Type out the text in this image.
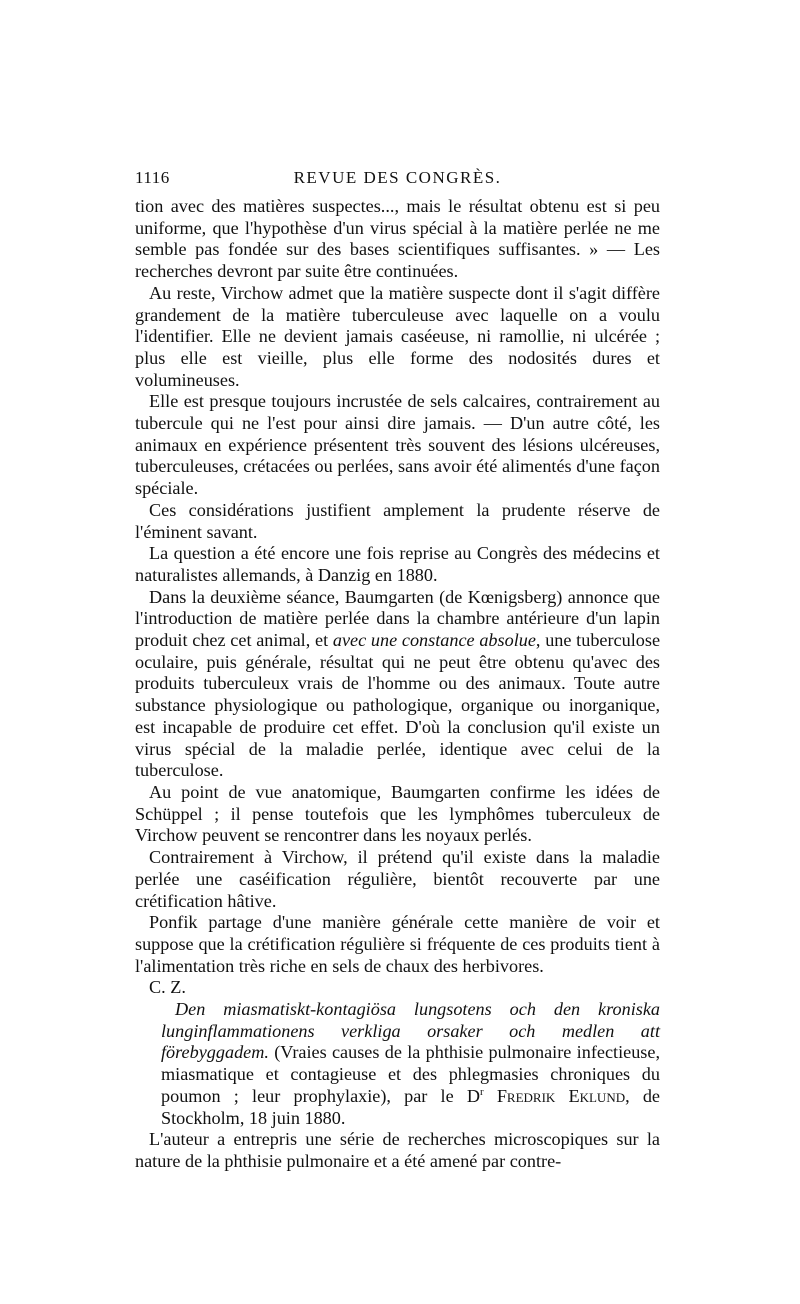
1116	REVUE DES CONGRÈS.

tion avec des matières suspectes..., mais le résultat obtenu est si peu uniforme, que l'hypothèse d'un virus spécial à la matière perlée ne me semble pas fondée sur des bases scientifiques suffisantes. » — Les recherches devront par suite être continuées.

Au reste, Virchow admet que la matière suspecte dont il s'agit diffère grandement de la matière tuberculeuse avec laquelle on a voulu l'identifier. Elle ne devient jamais caséeuse, ni ramollie, ni ulcérée ; plus elle est vieille, plus elle forme des nodosités dures et volumineuses.

Elle est presque toujours incrustée de sels calcaires, contrairement au tubercule qui ne l'est pour ainsi dire jamais. — D'un autre côté, les animaux en expérience présentent très souvent des lésions ulcéreuses, tuberculeuses, crétacées ou perlées, sans avoir été alimentés d'une façon spéciale.

Ces considérations justifient amplement la prudente réserve de l'éminent savant.

La question a été encore une fois reprise au Congrès des médecins et naturalistes allemands, à Danzig en 1880.

Dans la deuxième séance, Baumgarten (de Kœnigsberg) annonce que l'introduction de matière perlée dans la chambre antérieure d'un lapin produit chez cet animal, et avec une constance absolue, une tuberculose oculaire, puis générale, résultat qui ne peut être obtenu qu'avec des produits tuberculeux vrais de l'homme ou des animaux. Toute autre substance physiologique ou pathologique, organique ou inorganique, est incapable de produire cet effet. D'où la conclusion qu'il existe un virus spécial de la maladie perlée, identique avec celui de la tuberculose.

Au point de vue anatomique, Baumgarten confirme les idées de Schüppel ; il pense toutefois que les lymphômes tuberculeux de Virchow peuvent se rencontrer dans les noyaux perlés.

Contrairement à Virchow, il prétend qu'il existe dans la maladie perlée une caséification régulière, bientôt recouverte par une crétification hâtive.

Ponfik partage d'une manière générale cette manière de voir et suppose que la crétification régulière si fréquente de ces produits tient à l'alimentation très riche en sels de chaux des herbivores.

C. Z.

Den miasmatiskt-kontagiösa lungsotens och den kroniska lunginflammationens verkliga orsaker och medlen att förebyggadem. (Vraies causes de la phthisie pulmonaire infectieuse, miasmatique et contagieuse et des phlegmasies chroniques du poumon ; leur prophylaxie), par le $D^r$ Fredrik Eklund, de Stockholm, 18 juin 1880.

L'auteur a entrepris une série de recherches microscopiques sur la nature de la phthisie pulmonaire et a été amené par contre-
